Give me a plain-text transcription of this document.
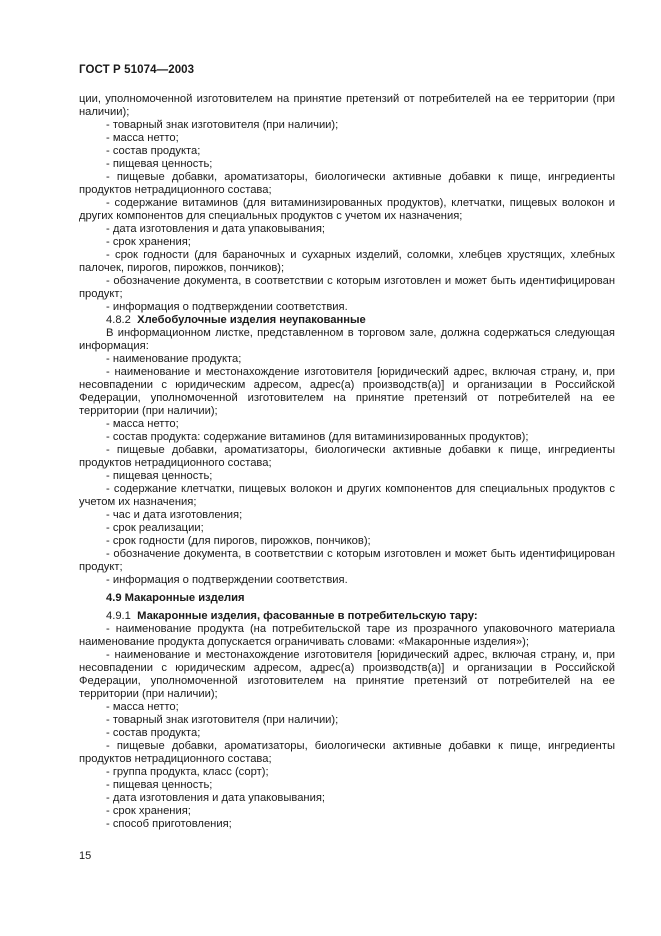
ГОСТ Р 51074—2003

ции, уполномоченной изготовителем на принятие претензий от потребителей на ее территории (при наличии);

- товарный знак изготовителя (при наличии);

- масса нетто;

- состав продукта;

- пищевая ценность;

- пищевые добавки, ароматизаторы, биологически активные добавки к пище, ингредиенты продуктов нетрадиционного состава;

- содержание витаминов (для витаминизированных продуктов), клетчатки, пищевых волокон и других компонентов для специальных продуктов с учетом их назначения;

- дата изготовления и дата упаковывания;

- срок хранения;

- срок годности (для бараночных и сухарных изделий, соломки, хлебцев хрустящих, хлебных палочек, пирогов, пирожков, пончиков);

- обозначение документа, в соответствии с которым изготовлен и может быть идентифицирован продукт;

- информация о подтверждении соответствия.

4.8.2 Хлебобулочные изделия неупакованные

В информационном листке, представленном в торговом зале, должна содержаться следующая информация:

- наименование продукта;

- наименование и местонахождение изготовителя [юридический адрес, включая страну, и, при несовпадении с юридическим адресом, адрес(а) производств(а)] и организации в Российской Федерации, уполномоченной изготовителем на принятие претензий от потребителей на ее территории (при наличии);

- масса нетто;

- состав продукта: содержание витаминов (для витаминизированных продуктов);

- пищевые добавки, ароматизаторы, биологически активные добавки к пище, ингредиенты продуктов нетрадиционного состава;

- пищевая ценность;

- содержание клетчатки, пищевых волокон и других компонентов для специальных продуктов с учетом их назначения;

- час и дата изготовления;

- срок реализации;

- срок годности (для пирогов, пирожков, пончиков);

- обозначение документа, в соответствии с которым изготовлен и может быть идентифицирован продукт;

- информация о подтверждении соответствия.

4.9 Макаронные изделия

4.9.1 Макаронные изделия, фасованные в потребительскую тару:

- наименование продукта (на потребительской таре из прозрачного упаковочного материала наименование продукта допускается ограничивать словами: «Макаронные изделия»);

- наименование и местонахождение изготовителя [юридический адрес, включая страну, и, при несовпадении с юридическим адресом, адрес(а) производств(а)] и организации в Российской Федерации, уполномоченной изготовителем на принятие претензий от потребителей на ее территории (при наличии);

- масса нетто;

- товарный знак изготовителя (при наличии);

- состав продукта;

- пищевые добавки, ароматизаторы, биологически активные добавки к пище, ингредиенты продуктов нетрадиционного состава;

- группа продукта, класс (сорт);

- пищевая ценность;

- дата изготовления и дата упаковывания;

- срок хранения;

- способ приготовления;

15
